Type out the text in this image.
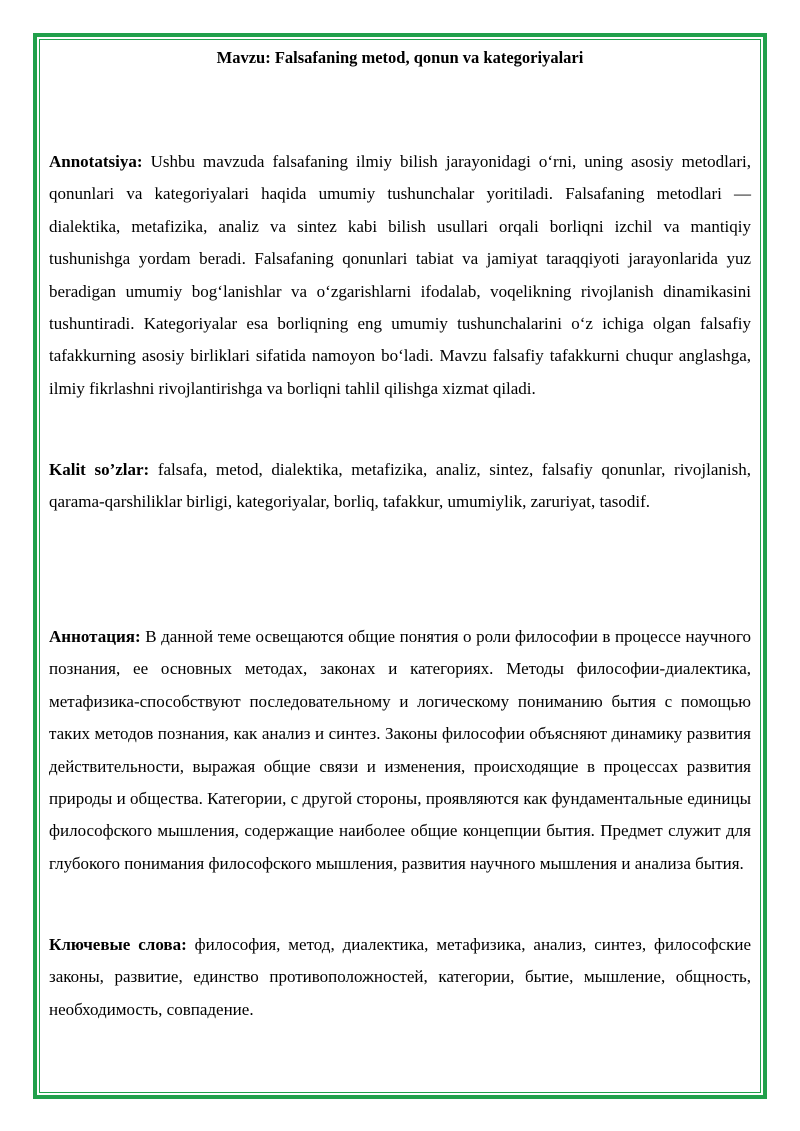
Mavzu: Falsafaning metod, qonun va kategoriyalari

Annotatsiya: Ushbu mavzuda falsafaning ilmiy bilish jarayonidagi o‘rni, uning asosiy metodlari, qonunlari va kategoriyalari haqida umumiy tushunchalar yoritiladi. Falsafaning metodlari — dialektika, metafizika, analiz va sintez kabi bilish usullari orqali borliqni izchil va mantiqiy tushunishga yordam beradi. Falsafaning qonunlari tabiat va jamiyat taraqqiyoti jarayonlarida yuz beradigan umumiy bog‘lanishlar va o‘zgarishlarni ifodalab, voqelikning rivojlanish dinamikasini tushuntiradi. Kategoriyalar esa borliqning eng umumiy tushunchalarini o‘z ichiga olgan falsafiy tafakkurning asosiy birliklari sifatida namoyon bo‘ladi. Mavzu falsafiy tafakkurni chuqur anglashga, ilmiy fikrlashni rivojlantirishga va borliqni tahlil qilishga xizmat qiladi.

Kalit so’zlar: falsafa, metod, dialektika, metafizika, analiz, sintez, falsafiy qonunlar, rivojlanish, qarama-qarshiliklar birligi, kategoriyalar, borliq, tafakkur, umumiylik, zaruriyat, tasodif.

Аннотация: В данной теме освещаются общие понятия о роли философии в процессе научного познания, ее основных методах, законах и категориях. Методы философии-диалектика, метафизика-способствуют последовательному и логическому пониманию бытия с помощью таких методов познания, как анализ и синтез. Законы философии объясняют динамику развития действительности, выражая общие связи и изменения, происходящие в процессах развития природы и общества. Категории, с другой стороны, проявляются как фундаментальные единицы философского мышления, содержащие наиболее общие концепции бытия. Предмет служит для глубокого понимания философского мышления, развития научного мышления и анализа бытия.

Ключевые слова: философия, метод, диалектика, метафизика, анализ, синтез, философские законы, развитие, единство противоположностей, категории, бытие, мышление, общность, необходимость, совпадение.
